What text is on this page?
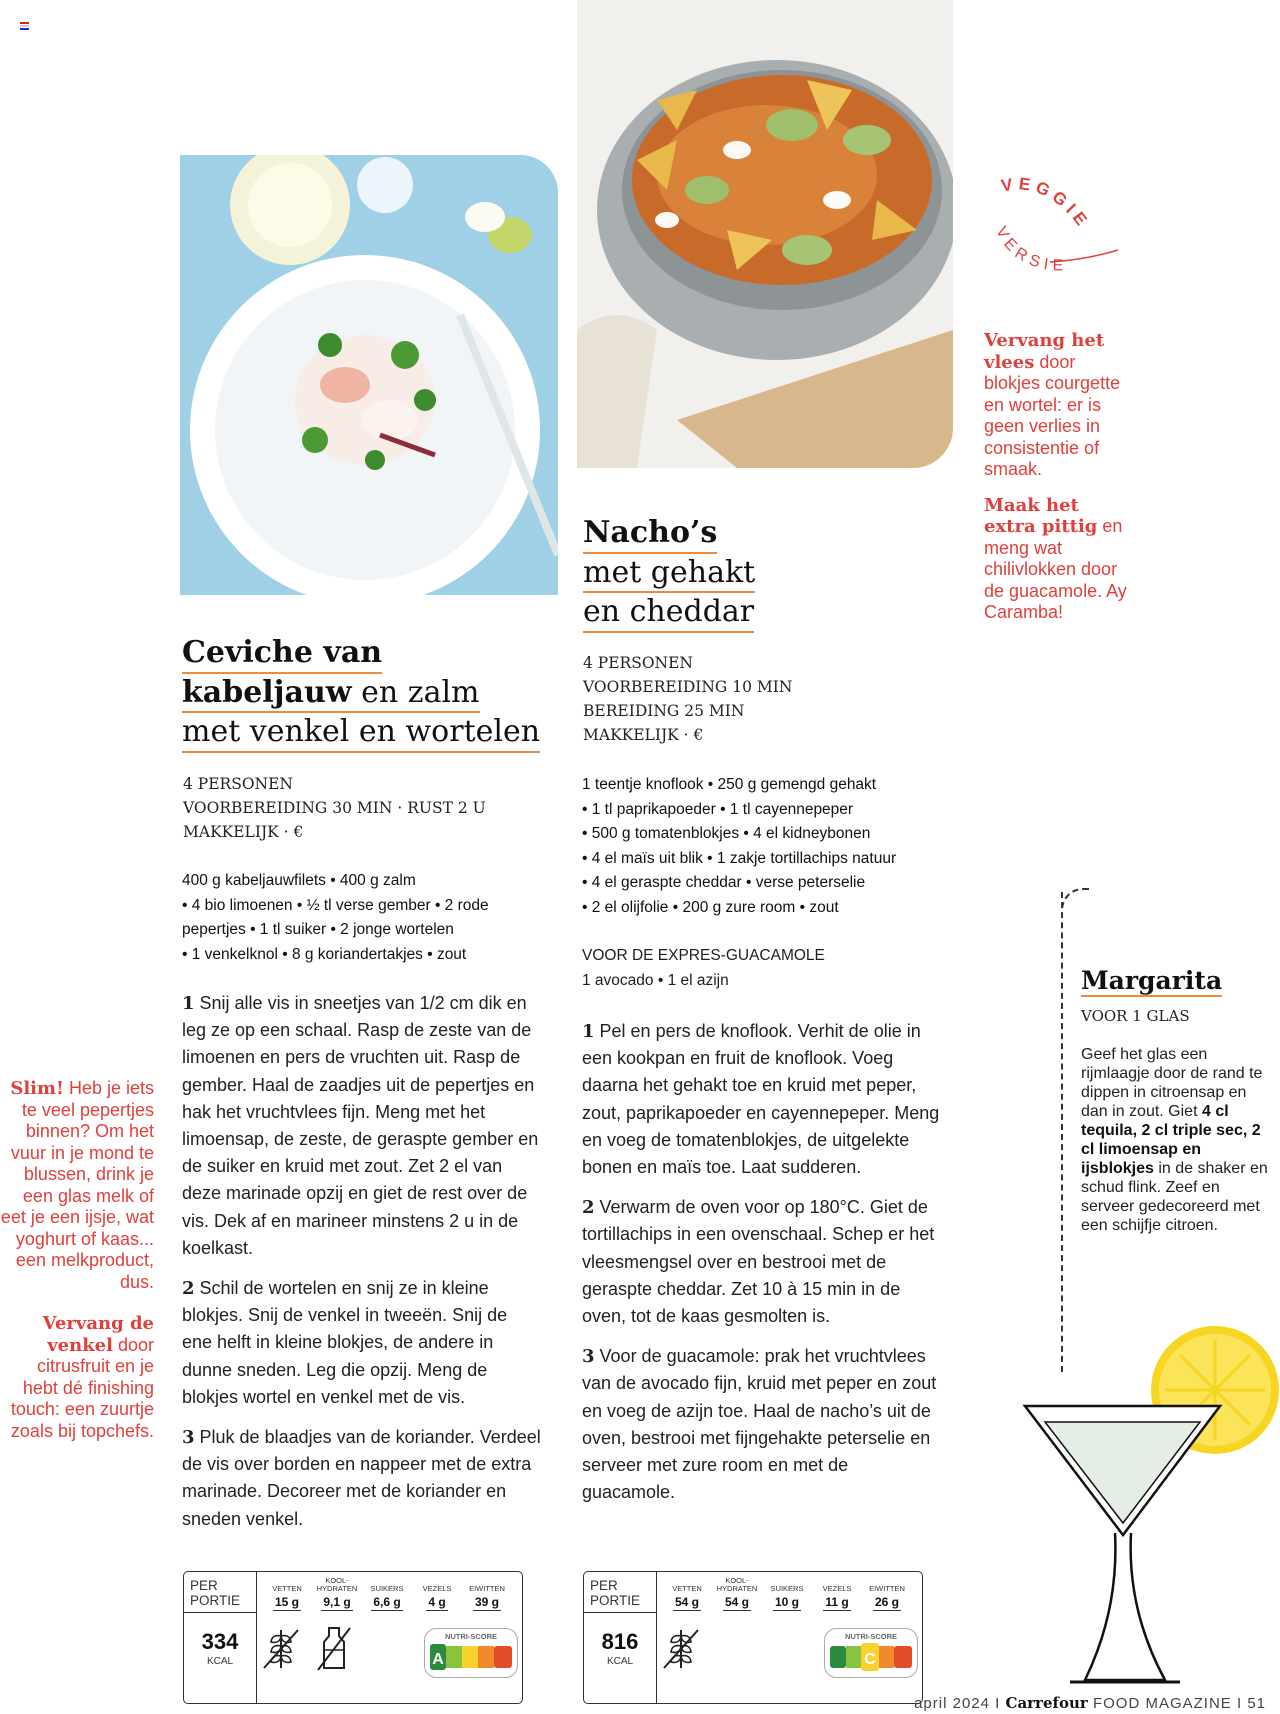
Ceviche van
kabeljauw en zalm
met venkel en wortelen
4 PERSONEN
VOORBEREIDING 30 MIN · RUST 2 U
MAKKELIJK · €
400 g kabeljauwfilets • 400 g zalm
• 4 bio limoenen • ½ tl verse gember • 2 rode
pepertjes • 1 tl suiker • 2 jonge wortelen
• 1 venkelknol • 8 g koriandertakjes • zout

1 Snij alle vis in sneetjes van 1/2 cm dik en leg ze op een schaal. Rasp de zeste van de limoenen en pers de vruchten uit. Rasp de gember. Haal de zaadjes uit de pepertjes en hak het vruchtvlees fijn. Meng met het limoensap, de zeste, de geraspte gember en de suiker en kruid met zout. Zet 2 el van deze marinade opzij en giet de rest over de vis. Dek af en marineer minstens 2 u in de koelkast.

2 Schil de wortelen en snij ze in kleine blokjes. Snij de venkel in tweeën. Snij de ene helft in kleine blokjes, de andere in dunne sneden. Leg die opzij. Meng de blokjes wortel en venkel met de vis.

3 Pluk de blaadjes van de koriander. Verdeel de vis over borden en nappeer met de extra marinade. Decoreer met de koriander en sneden venkel.

Nacho’s
met gehakt
en cheddar
4 PERSONEN
VOORBEREIDING 10 MIN
BEREIDING 25 MIN
MAKKELIJK · €
1 teentje knoflook • 250 g gemengd gehakt
• 1 tl paprikapoeder • 1 tl cayennepeper
• 500 g tomatenblokjes • 4 el kidneybonen
• 4 el maïs uit blik • 1 zakje tortillachips natuur
• 4 el geraspte cheddar • verse peterselie
• 2 el olijfolie • 200 g zure room • zout
VOOR DE EXPRES-GUACAMOLE
1 avocado • 1 el azijn

1 Pel en pers de knoflook. Verhit de olie in een kookpan en fruit de knoflook. Voeg daarna het gehakt toe en kruid met peper, zout, paprikapoeder en cayennepeper. Meng en voeg de tomatenblokjes, de uitgelekte bonen en maïs toe. Laat sudderen.

2 Verwarm de oven voor op 180°C. Giet de tortillachips in een ovenschaal. Schep er het vleesmengsel over en bestrooi met de geraspte cheddar. Zet 10 à 15 min in de oven, tot de kaas gesmolten is.

3 Voor de guacamole: prak het vruchtvlees van de avocado fijn, kruid met peper en zout en voeg de azijn toe. Haal de nacho’s uit de oven, bestrooi met fijngehakte peterselie en serveer met zure room en met de guacamole.

Slim! Heb je iets te veel pepertjes binnen? Om het vuur in je mond te blussen, drink je een glas melk of eet je een ijsje, wat yoghurt of kaas... een melkproduct, dus.

Vervang de venkel door citrusfruit en je hebt dé finishing touch: een zuurtje zoals bij topchefs.

VEGGIE
VERSIE

Vervang het vlees door blokjes courgette en wortel: er is geen verlies in consistentie of smaak.

Maak het extra pittig en meng wat chilivlokken door de guacamole. Ay Caramba!

Margarita
VOOR 1 GLAS
Geef het glas een rijmlaagje door de rand te dippen in citroensap en dan in zout. Giet 4 cl tequila, 2 cl triple sec, 2 cl limoensap en ijsblokjes in de shaker en schud flink. Zeef en serveer gedecoreerd met een schijfje citroen.
PER
PORTIE
334
KCAL
VETTEN
15 g
KOOL-HYDRATEN
9,1 g
SUIKERS
6,6 g
VEZELS
4 g
EIWITTEN
39 g
NUTRI-SCORE
A
PER
PORTIE
816
KCAL
VETTEN
54 g
KOOL-HYDRATEN
54 g
SUIKERS
10 g
VEZELS
11 g
EIWITTEN
26 g
NUTRI-SCORE
C
april 2024 I Carrefour FOOD MAGAZINE I 51
